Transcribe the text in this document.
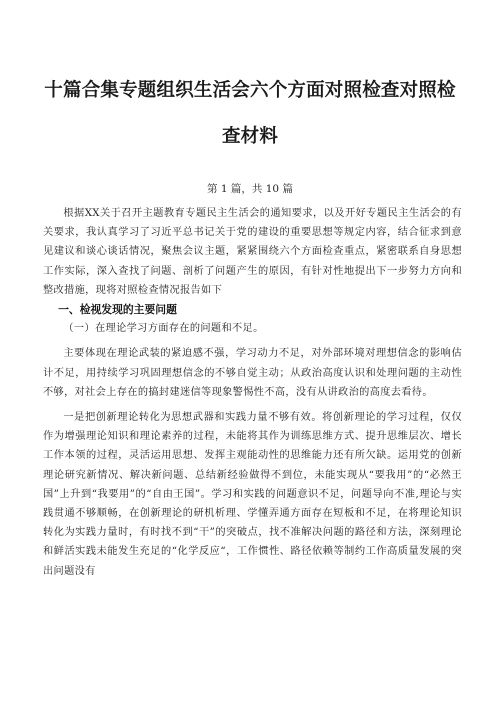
十篇合集专题组织生活会六个方面对照检查对照检
查材料
第 1 篇，共 10 篇

根据XX关于召开主题教育专题民主生活会的通知要求，以及开好专题民主生活会的有关要求，我认真学习了习近平总书记关于党的建设的重要思想等规定内容，结合征求到意见建议和谈心谈话情况，聚焦会议主题，紧紧围绕六个方面检查重点，紧密联系自身思想工作实际，深入查找了问题、剖析了问题产生的原因，有针对性地提出下一步努力方向和整改措施，现将对照检查情况报告如下

一、检视发现的主要问题

（一）在理论学习方面存在的问题和不足。

主要体现在理论武装的紧迫感不强，学习动力不足，对外部环境对理想信念的影响估计不足，用持续学习巩固理想信念的不够自觉主动；从政治高度认识和处理问题的主动性不够，对社会上存在的搞封建迷信等现象警惕性不高，没有从讲政治的高度去看待。

一是把创新理论转化为思想武器和实践力量不够有效。将创新理论的学习过程，仅仅作为增强理论知识和理论素养的过程，未能将其作为训练思维方式、提升思维层次、增长工作本领的过程，灵活运用思想、发挥主观能动性的思维能力还有所欠缺。运用党的创新理论研究新情况、解决新问题、总结新经验做得不到位，未能实现从“要我用”的“必然王国”上升到“我要用”的“自由王国”。学习和实践的问题意识不足，问题导向不准,理论与实践贯通不够顺畅，在创新理论的研机析理、学懂弄通方面存在短板和不足，在将理论知识转化为实践力量时，有时找不到“干”的突破点，找不准解决问题的路径和方法，深刻理论和鲜活实践未能发生充足的“化学反应“，工作惯性、路径依赖等制约工作高质量发展的突出问题没有
